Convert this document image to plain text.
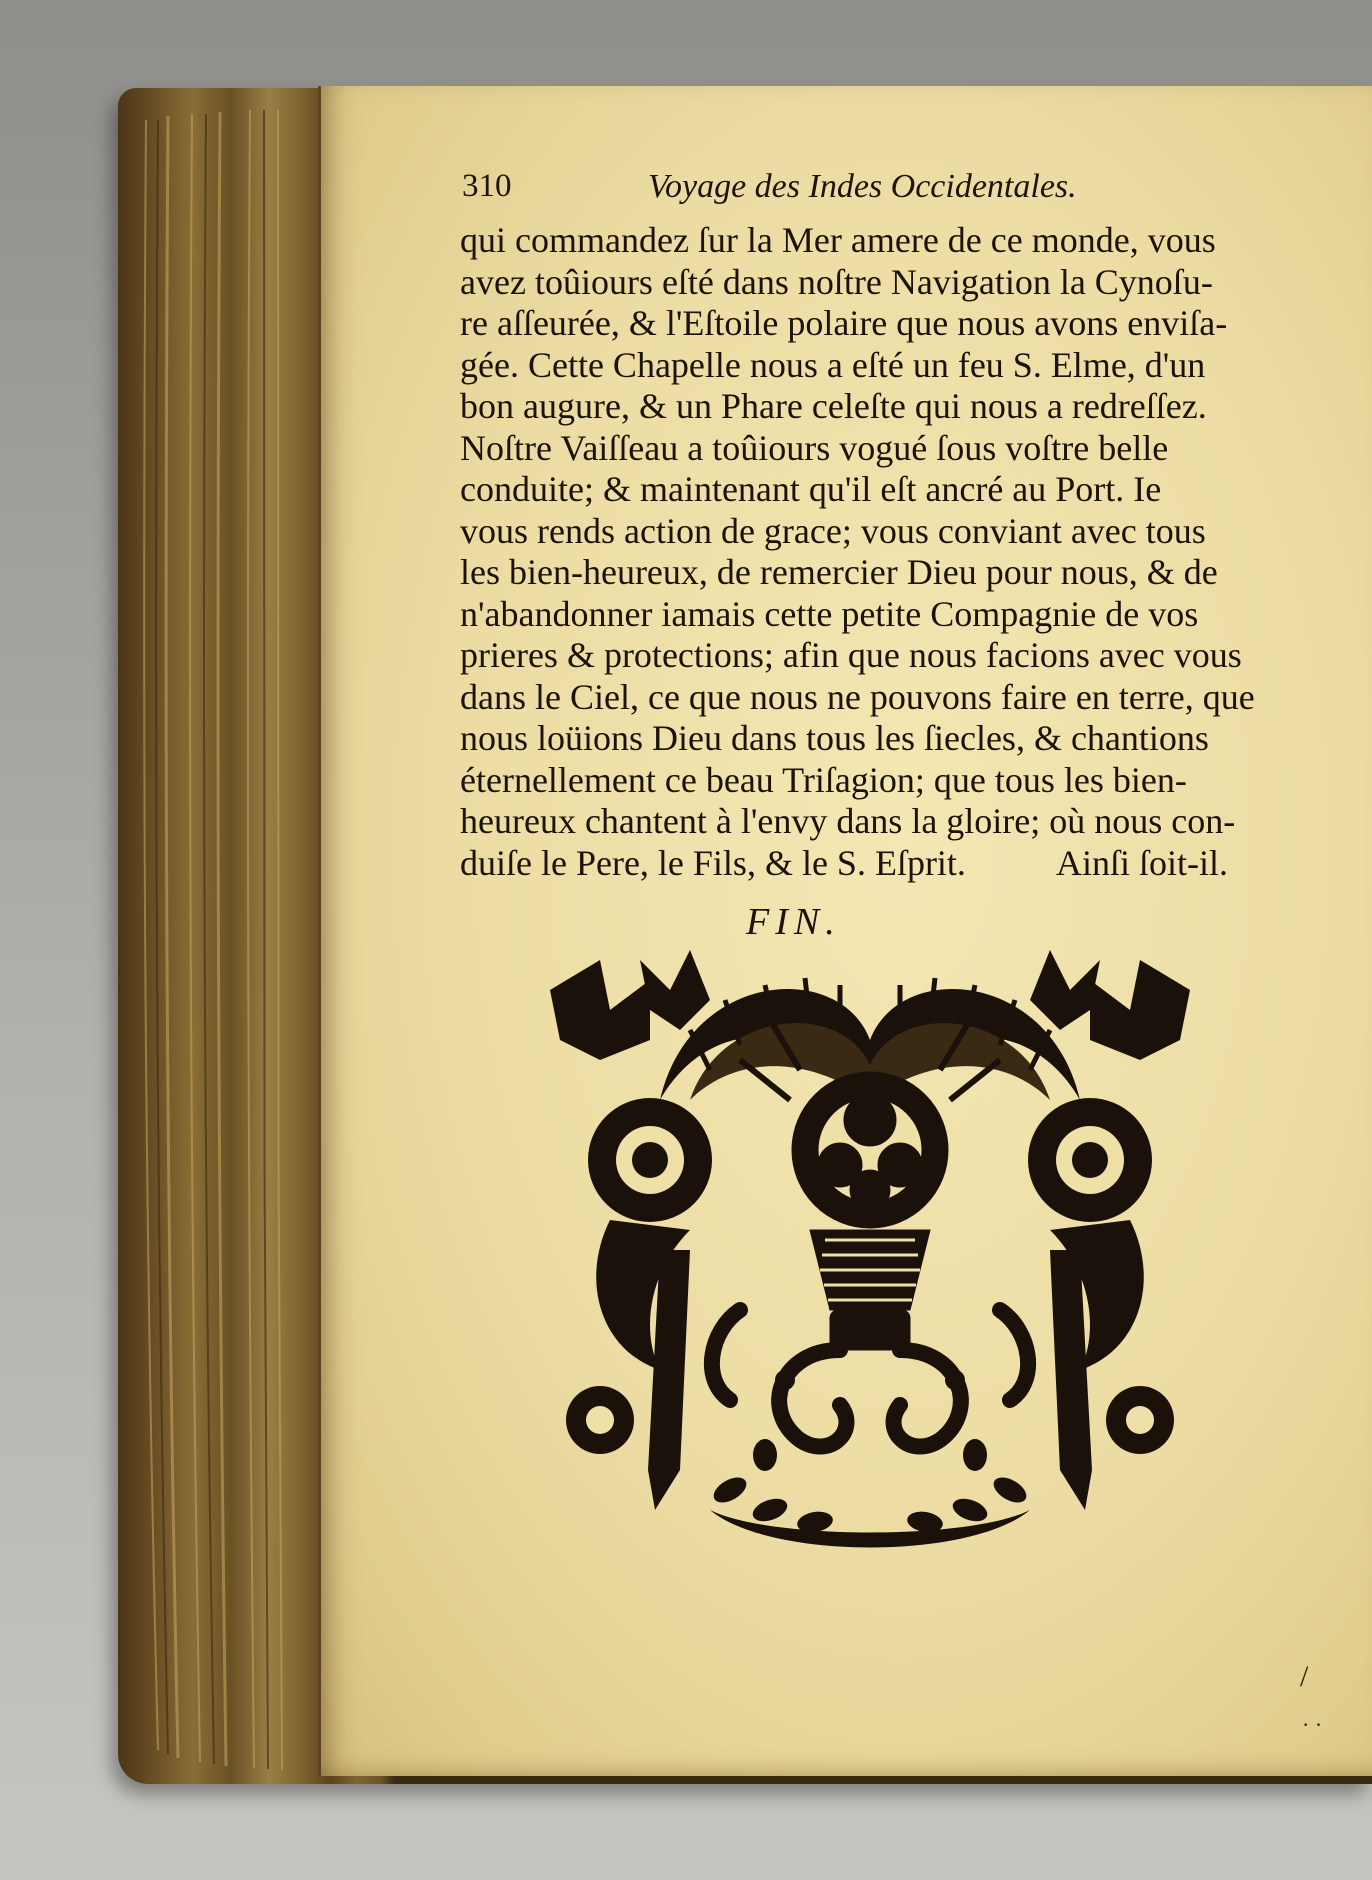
310	Voyage des Indes Occidentales.
qui commandez ſur la Mer amere de ce monde, vous
avez toûiours eſté dans noſtre Navigation la Cynoſu-
re aſſeurée, & l'Eſtoile polaire que nous avons enviſa-
gée. Cette Chapelle nous a eſté un feu S. Elme, d'un
bon augure, & un Phare celeſte qui nous a redreſſez.
Noſtre Vaiſſeau a toûiours vogué ſous voſtre belle
conduite; & maintenant qu'il eſt ancré au Port. Ie
vous rends action de grace; vous conviant avec tous
les bien-heureux, de remercier Dieu pour nous, & de
n'abandonner iamais cette petite Compagnie de vos
prieres & protections; afin que nous facions avec vous
dans le Ciel, ce que nous ne pouvons faire en terre, que
nous loüions Dieu dans tous les ſiecles, & chantions
éternellement ce beau Triſagion; que tous les bien-
heureux chantent à l'envy dans la gloire; où nous con-
duiſe le Pere, le Fils, & le S. Eſprit.	Ainſi ſoit-il.
FIN.
/
· ·
